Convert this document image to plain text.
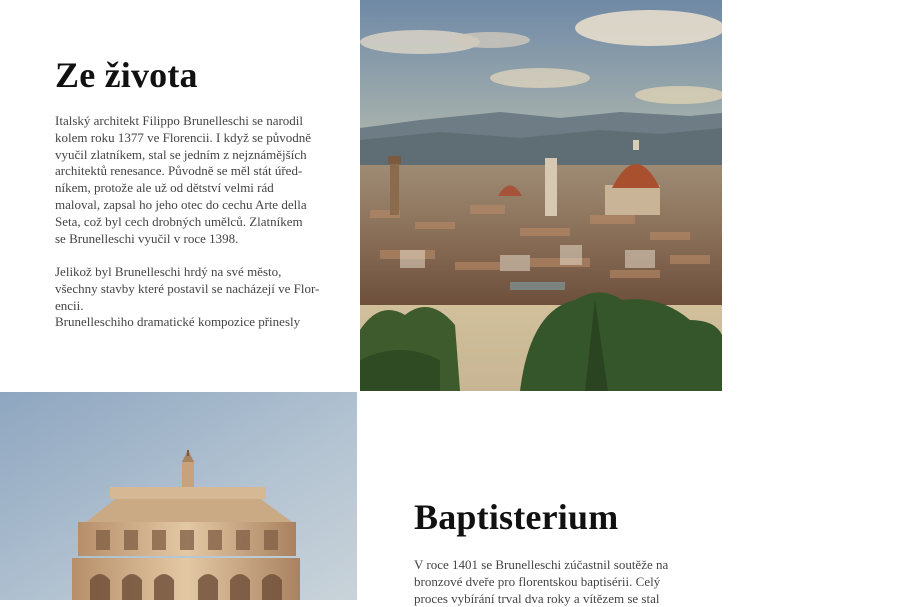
Ze života

Italský architekt Filippo Brunelleschi se narodil
kolem roku 1377 ve Florencii. I když se původně
vyučil zlatníkem, stal se jedním z nejznámějších
architektů renesance. Původně se měl stát úřed-
níkem, protože ale už od dětství velmi rád
maloval, zapsal ho jeho otec do cechu Arte della
Seta, což byl cech drobných umělců. Zlatníkem
se Brunelleschi vyučil v roce 1398.

Jelikož byl Brunelleschi hrdý na své město,
všechny stavby které postavil se nacházejí ve Flor-
encii.
Brunelleschiho dramatické kompozice přinesly

Baptisterium

V roce 1401 se Brunelleschi zúčastnil soutěže na
bronzové dveře pro florentskou baptisérii. Celý
proces vybírání trval dva roky a vítězem se stal
